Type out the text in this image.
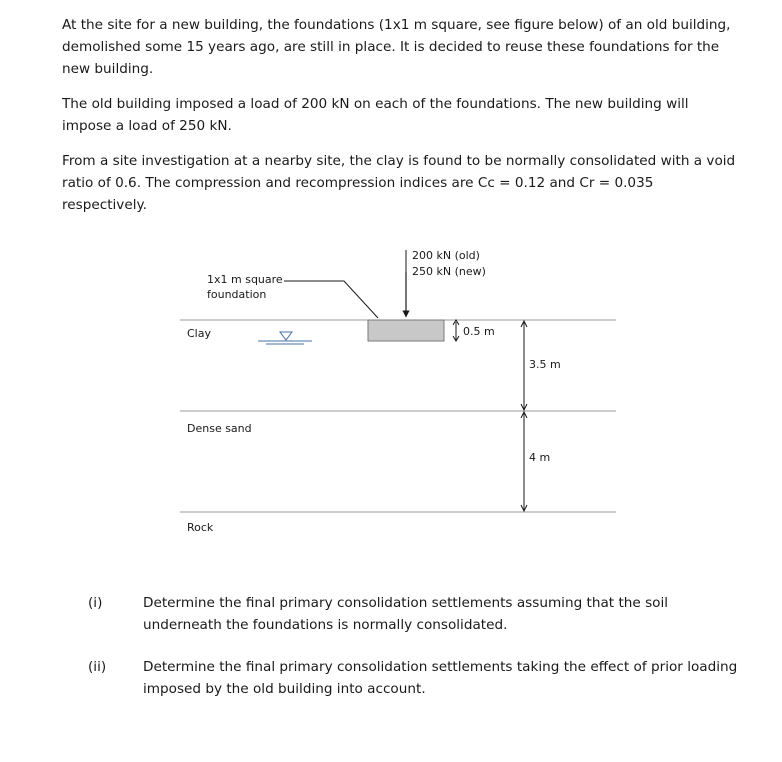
At the site for a new building, the foundations (1x1 m square, see figure below) of an old building, demolished some 15 years ago, are still in place. It is decided to reuse these foundations for the new building.

The old building imposed a load of 200 kN on each of the foundations. The new building will impose a load of 250 kN.

From a site investigation at a nearby site, the clay is found to be normally consolidated with a void ratio of 0.6. The compression and recompression indices are Cc = 0.12 and Cr = 0.035 respectively.

200 kN (old)
250 kN (new)
1x1 m square
foundation
0.5 m
Clay
Dense sand
Rock
3.5 m
4 m
(i)	Determine the final primary consolidation settlements assuming that the soil underneath the foundations is normally consolidated.

(ii)	Determine the final primary consolidation settlements taking the effect of prior loading imposed by the old building into account.
